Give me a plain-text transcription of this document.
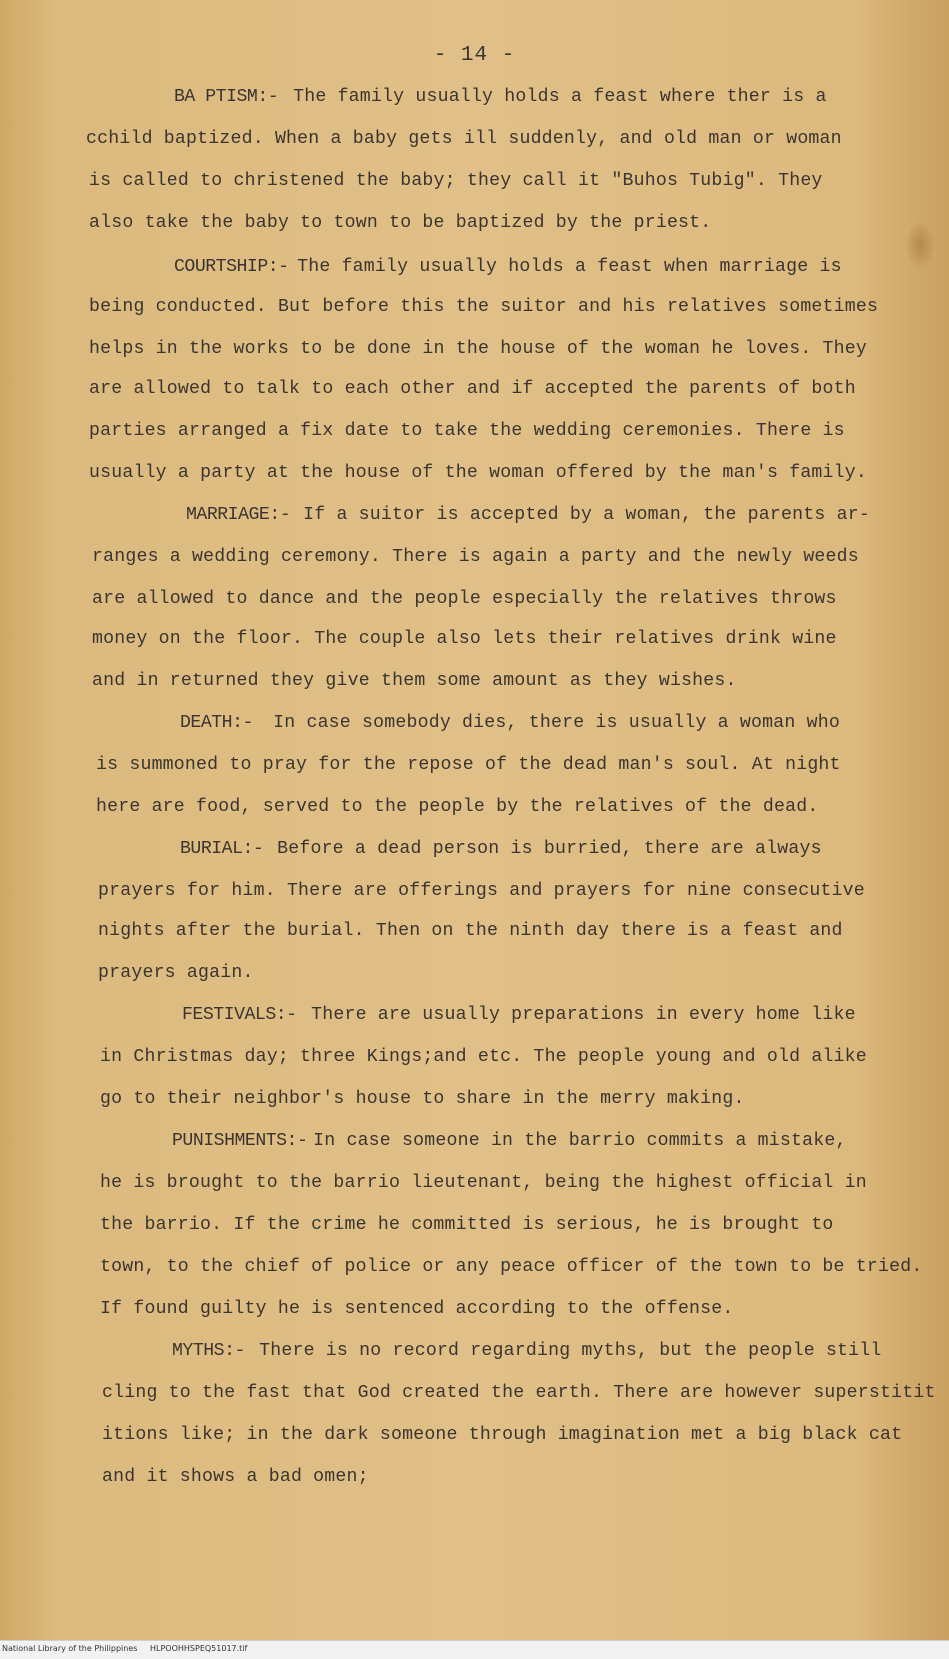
- 14 -
BA PTISM:- The family usually holds a feast where ther is a
cchild baptized. When a baby gets ill suddenly, and old man or woman
is called to christened the baby; they call it "Buhos Tubig". They
also take the baby to town to be baptized by the priest.
COURTSHIP:-
The family usually holds a feast when marriage is
being conducted. But before this the suitor and his relatives sometimes
helps in the works to be done in the house of the woman he loves. They
are allowed to talk to each other and if accepted the parents of both
parties arranged a fix date to take the wedding ceremonies. There is
usually a party at the house of the woman offered by the man's family.
MARRIAGE:- If a suitor is accepted by a woman, the parents ar-
ranges a wedding ceremony. There is again a party and the newly weeds
are allowed to dance and the people especially the relatives throws
money on the floor. The couple also lets their relatives drink wine
and in returned they give them some amount as they wishes.
DEATH:- In case somebody dies, there is usually a woman who
is summoned to pray for the repose of the dead man's soul. At night
here are food, served to the people by the relatives of the dead.
BURIAL:- Before a dead person is burried, there are always
prayers for him. There are offerings and prayers for nine consecutive
nights after the burial. Then on the ninth day there is a feast and
prayers again.
FESTIVALS:- There are usually preparations in every home like
in Christmas day; three Kings;and etc. The people young and old alike
go to their neighbor's house to share in the merry making.
PUNISHMENTS:-
In case someone in the barrio commits a mistake,
he is brought to the barrio lieutenant, being the highest official in
the barrio. If the crime he committed is serious, he is brought to
town, to the chief of police or any peace officer of the town to be tried.
If found guilty he is sentenced according to the offense.
MYTHS:- There is no record regarding myths, but the people still
cling to the fast that God created the earth. There are however superstitit
itions like; in the dark someone through imagination met a big black cat
and it shows a bad omen;
National Library of the Philippines HLPOOHHSPEQ51017.tif
